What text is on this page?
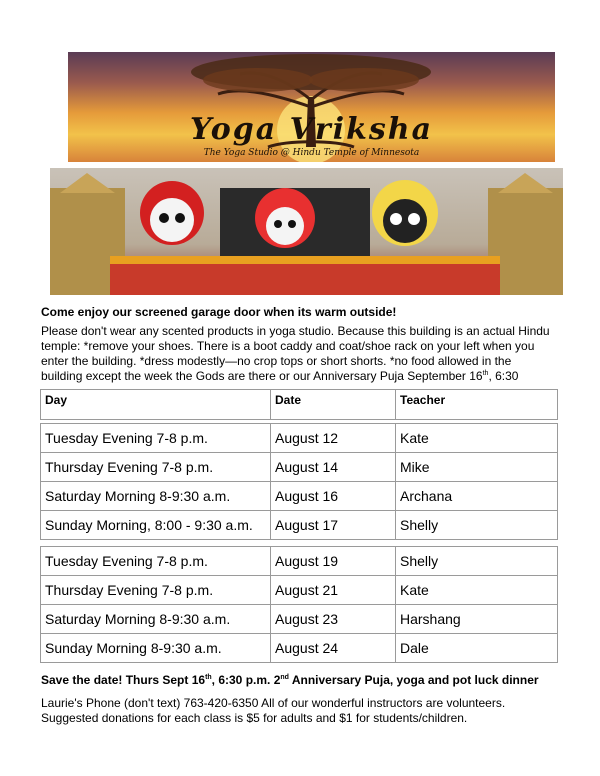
Yoga Vriksha
The Yoga Studio @ Hindu Temple of Minnesota
Come enjoy our screened garage door when its warm outside!
Please don't wear any scented products in yoga studio. Because this building is an actual Hindu
temple: *remove your shoes. There is a boot caddy and coat/shoe rack on your left when you
enter the building. *dress modestly—no crop tops or short shorts. *no food allowed in the
building except the week the Gods are there or our Anniversary Puja September 16th, 6:30
Day	Date	Teacher
Tuesday Evening 7-8 p.m.	August 12	Kate
Thursday Evening 7-8 p.m.	August 14	Mike
Saturday Morning 8-9:30 a.m.	August 16	Archana
Sunday Morning, 8:00 - 9:30 a.m.	August 17	Shelly
Tuesday Evening 7-8 p.m.	August 19	Shelly
Thursday Evening 7-8 p.m.	August 21	Kate
Saturday Morning 8-9:30 a.m.	August 23	Harshang
Sunday Morning 8-9:30 a.m.	August 24	Dale
Save the date! Thurs Sept 16th, 6:30 p.m. 2nd Anniversary Puja, yoga and pot luck dinner
Laurie's Phone (don't text) 763-420-6350 All of our wonderful instructors are volunteers.
Suggested donations for each class is $5 for adults and $1 for students/children.
